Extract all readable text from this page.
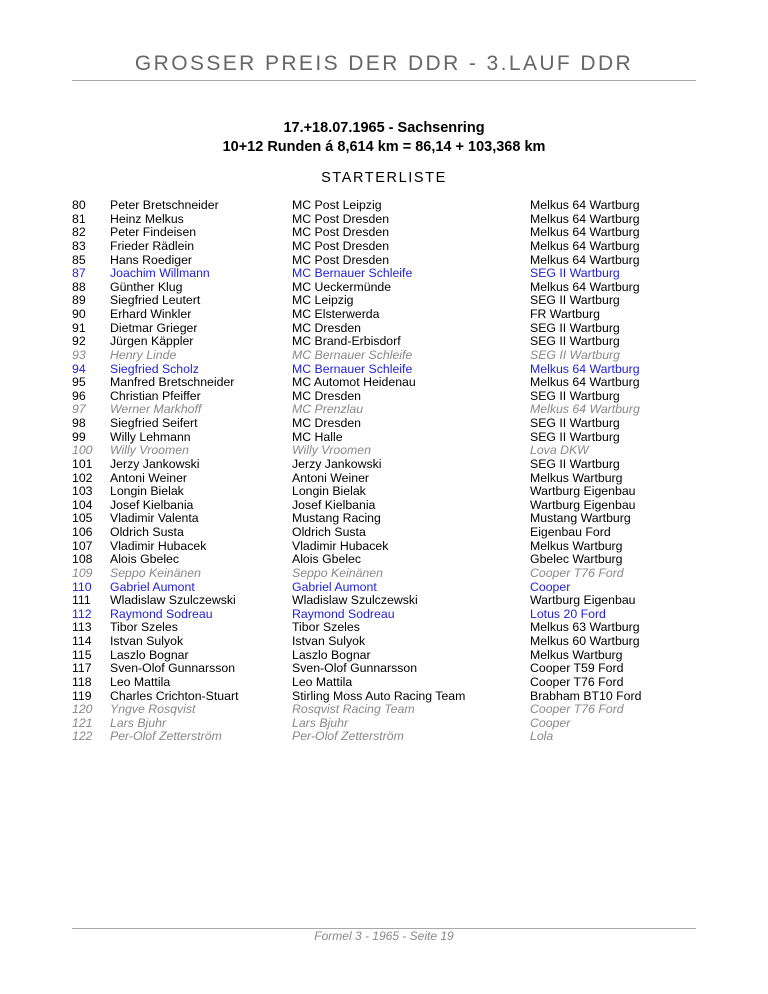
GROSSER PREIS DER DDR - 3.LAUF DDR
17.+18.07.1965 - Sachsenring
10+12 Runden á 8,614 km = 86,14 + 103,368 km
STARTERLISTE
80 Peter Bretschneider	MC Post Leipzig	Melkus 64 Wartburg
81 Heinz Melkus	MC Post Dresden	Melkus 64 Wartburg
82 Peter Findeisen	MC Post Dresden	Melkus 64 Wartburg
83 Frieder Rädlein	MC Post Dresden	Melkus 64 Wartburg
85 Hans Roediger	MC Post Dresden	Melkus 64 Wartburg
87 Joachim Willmann	MC Bernauer Schleife	SEG II Wartburg
88 Günther Klug	MC Ueckermünde	Melkus 64 Wartburg
89 Siegfried Leutert	MC Leipzig	SEG II Wartburg
90 Erhard Winkler	MC Elsterwerda	FR Wartburg
91 Dietmar Grieger	MC Dresden	SEG II Wartburg
92 Jürgen Käppler	MC Brand-Erbisdorf	SEG II Wartburg
93 Henry Linde	MC Bernauer Schleife	SEG II Wartburg
94 Siegfried Scholz	MC Bernauer Schleife	Melkus 64 Wartburg
95 Manfred Bretschneider	MC Automot Heidenau	Melkus 64 Wartburg
96 Christian Pfeiffer	MC Dresden	SEG II Wartburg
97 Werner Markhoff	MC Prenzlau	Melkus 64 Wartburg
98 Siegfried Seifert	MC Dresden	SEG II Wartburg
99 Willy Lehmann	MC Halle	SEG II Wartburg
100 Willy Vroomen	Willy Vroomen	Lova DKW
101 Jerzy Jankowski	Jerzy Jankowski	SEG II Wartburg
102 Antoni Weiner	Antoni Weiner	Melkus Wartburg
103 Longin Bielak	Longin Bielak	Wartburg Eigenbau
104 Josef Kielbania	Josef Kielbania	Wartburg Eigenbau
105 Vladimir Valenta	Mustang Racing	Mustang Wartburg
106 Oldrich Susta	Oldrich Susta	Eigenbau Ford
107 Vladimir Hubacek	Vladimir Hubacek	Melkus Wartburg
108 Alois Gbelec	Alois Gbelec	Gbelec Wartburg
109 Seppo Keinänen	Seppo Keinänen	Cooper T76 Ford
110 Gabriel Aumont	Gabriel Aumont	Cooper
111 Wladislaw Szulczewski	Wladislaw Szulczewski	Wartburg Eigenbau
112 Raymond Sodreau	Raymond Sodreau	Lotus 20 Ford
113 Tibor Szeles	Tibor Szeles	Melkus 63 Wartburg
114 Istvan Sulyok	Istvan Sulyok	Melkus 60 Wartburg
115 Laszlo Bognar	Laszlo Bognar	Melkus Wartburg
117 Sven-Olof Gunnarsson	Sven-Olof Gunnarsson	Cooper T59 Ford
118 Leo Mattila	Leo Mattila	Cooper T76 Ford
119 Charles Crichton-Stuart	Stirling Moss Auto Racing Team	Brabham BT10 Ford
120 Yngve Rosqvist	Rosqvist Racing Team	Cooper T76 Ford
121 Lars Bjuhr	Lars Bjuhr	Cooper
122 Per-Olof Zetterström	Per-Olof Zetterström	Lola
Formel 3 - 1965 - Seite 19
